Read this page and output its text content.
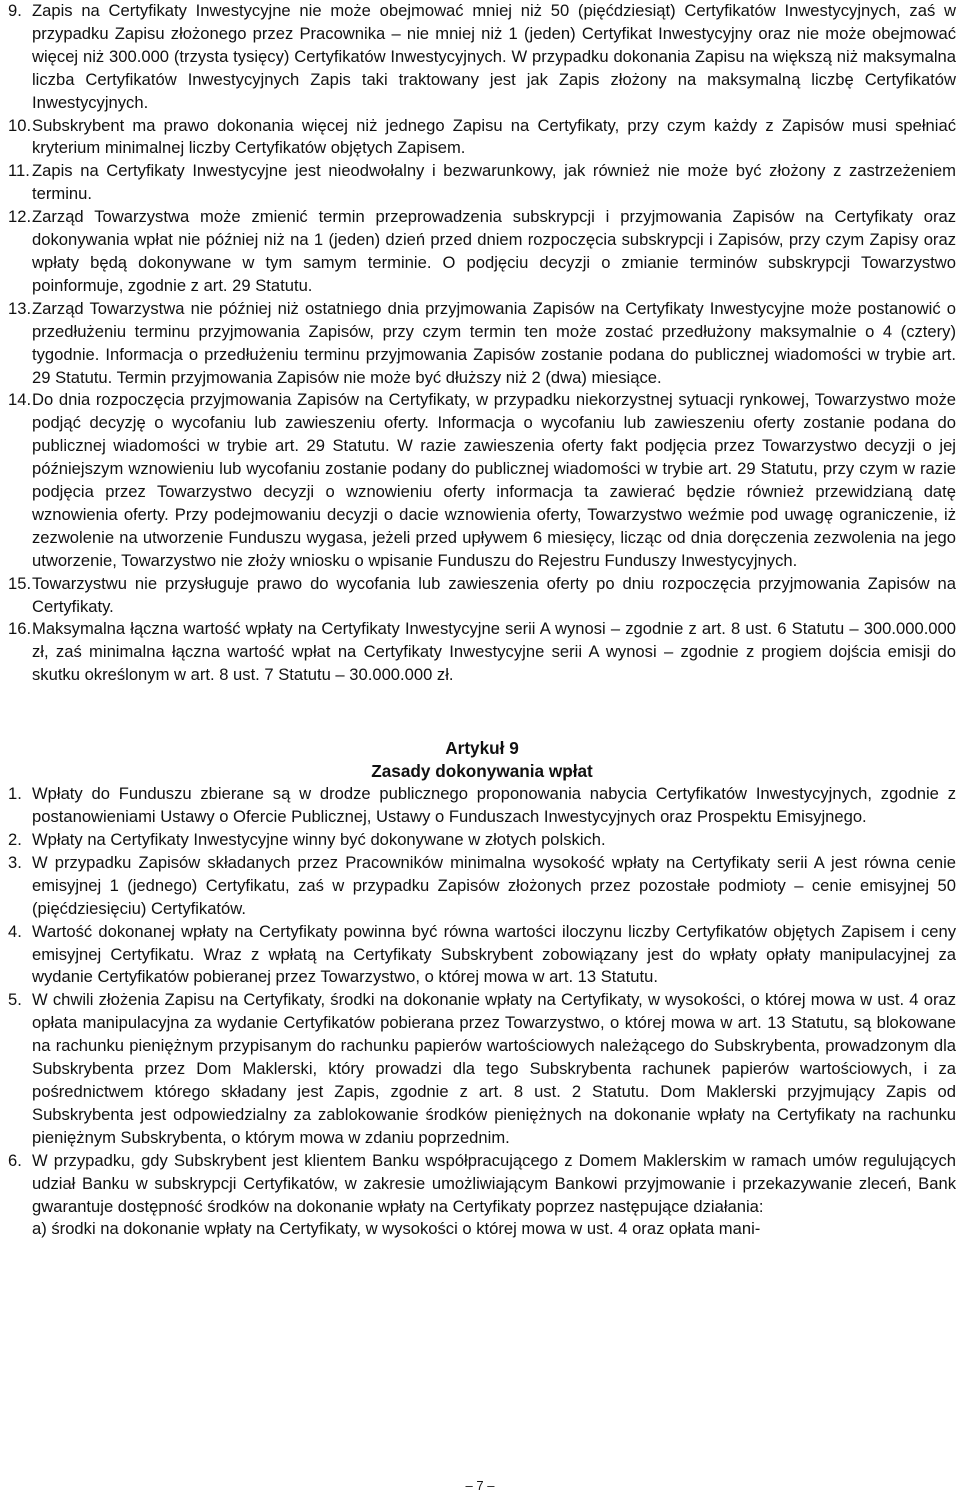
9. Zapis na Certyfikaty Inwestycyjne nie może obejmować mniej niż 50 (pięćdziesiąt) Certyfikatów Inwestycyjnych, zaś w przypadku Zapisu złożonego przez Pracownika – nie mniej niż 1 (jeden) Certyfikat Inwestycyjny oraz nie może obejmować więcej niż 300.000 (trzysta tysięcy) Certyfikatów Inwestycyjnych. W przypadku dokonania Zapisu na większą niż maksymalna liczba Certyfikatów Inwestycyjnych Zapis taki traktowany jest jak Zapis złożony na maksymalną liczbę Certyfikatów Inwestycyjnych.
10. Subskrybent ma prawo dokonania więcej niż jednego Zapisu na Certyfikaty, przy czym każdy z Zapisów musi spełniać kryterium minimalnej liczby Certyfikatów objętych Zapisem.
11. Zapis na Certyfikaty Inwestycyjne jest nieodwołalny i bezwarunkowy, jak również nie może być złożony z zastrzeżeniem terminu.
12. Zarząd Towarzystwa może zmienić termin przeprowadzenia subskrypcji i przyjmowania Zapisów na Certyfikaty oraz dokonywania wpłat nie później niż na 1 (jeden) dzień przed dniem rozpoczęcia subskrypcji i Zapisów, przy czym Zapisy oraz wpłaty będą dokonywane w tym samym terminie. O podjęciu decyzji o zmianie terminów subskrypcji Towarzystwo poinformuje, zgodnie z art. 29 Statutu.
13. Zarząd Towarzystwa nie później niż ostatniego dnia przyjmowania Zapisów na Certyfikaty Inwestycyjne może postanowić o przedłużeniu terminu przyjmowania Zapisów, przy czym termin ten może zostać przedłużony maksymalnie o 4 (cztery) tygodnie. Informacja o przedłużeniu terminu przyjmowania Zapisów zostanie podana do publicznej wiadomości w trybie art. 29 Statutu. Termin przyjmowania Zapisów nie może być dłuższy niż 2 (dwa) miesiące.
14. Do dnia rozpoczęcia przyjmowania Zapisów na Certyfikaty, w przypadku niekorzystnej sytuacji rynkowej, Towarzystwo może podjąć decyzję o wycofaniu lub zawieszeniu oferty. Informacja o wycofaniu lub zawieszeniu oferty zostanie podana do publicznej wiadomości w trybie art. 29 Statutu. W razie zawieszenia oferty fakt podjęcia przez Towarzystwo decyzji o jej późniejszym wznowieniu lub wycofaniu zostanie podany do publicznej wiadomości w trybie art. 29 Statutu, przy czym w razie podjęcia przez Towarzystwo decyzji o wznowieniu oferty informacja ta zawierać będzie również przewidzianą datę wznowienia oferty. Przy podejmowaniu decyzji o dacie wznowienia oferty, Towarzystwo weźmie pod uwagę ograniczenie, iż zezwolenie na utworzenie Funduszu wygasa, jeżeli przed upływem 6 miesięcy, licząc od dnia doręczenia zezwolenia na jego utworzenie, Towarzystwo nie złoży wniosku o wpisanie Funduszu do Rejestru Funduszy Inwestycyjnych.
15. Towarzystwu nie przysługuje prawo do wycofania lub zawieszenia oferty po dniu rozpoczęcia przyjmowania Zapisów na Certyfikaty.
16. Maksymalna łączna wartość wpłaty na Certyfikaty Inwestycyjne serii A wynosi – zgodnie z art. 8 ust. 6 Statutu – 300.000.000 zł, zaś minimalna łączna wartość wpłat na Certyfikaty Inwestycyjne serii A wynosi – zgodnie z progiem dojścia emisji do skutku określonym w art. 8 ust. 7 Statutu – 30.000.000 zł.
Artykuł 9
Zasady dokonywania wpłat
1. Wpłaty do Funduszu zbierane są w drodze publicznego proponowania nabycia Certyfikatów Inwestycyjnych, zgodnie z postanowieniami Ustawy o Ofercie Publicznej, Ustawy o Funduszach Inwestycyjnych oraz Prospektu Emisyjnego.
2. Wpłaty na Certyfikaty Inwestycyjne winny być dokonywane w złotych polskich.
3. W przypadku Zapisów składanych przez Pracowników minimalna wysokość wpłaty na Certyfikaty serii A jest równa cenie emisyjnej 1 (jednego) Certyfikatu, zaś w przypadku Zapisów złożonych przez pozostałe podmioty – cenie emisyjnej 50 (pięćdziesięciu) Certyfikatów.
4. Wartość dokonanej wpłaty na Certyfikaty powinna być równa wartości iloczynu liczby Certyfikatów objętych Zapisem i ceny emisyjnej Certyfikatu. Wraz z wpłatą na Certyfikaty Subskrybent zobowiązany jest do wpłaty opłaty manipulacyjnej za wydanie Certyfikatów pobieranej przez Towarzystwo, o której mowa w art. 13 Statutu.
5. W chwili złożenia Zapisu na Certyfikaty, środki na dokonanie wpłaty na Certyfikaty, w wysokości, o której mowa w ust. 4 oraz opłata manipulacyjna za wydanie Certyfikatów pobierana przez Towarzystwo, o której mowa w art. 13 Statutu, są blokowane na rachunku pieniężnym przypisanym do rachunku papierów wartościowych należącego do Subskrybenta, prowadzonym dla Subskrybenta przez Dom Maklerski, który prowadzi dla tego Subskrybenta rachunek papierów wartościowych, i za pośrednictwem którego składany jest Zapis, zgodnie z art. 8 ust. 2 Statutu. Dom Maklerski przyjmujący Zapis od Subskrybenta jest odpowiedzialny za zablokowanie środków pieniężnych na dokonanie wpłaty na Certyfikaty na rachunku pieniężnym Subskrybenta, o którym mowa w zdaniu poprzednim.
6. W przypadku, gdy Subskrybent jest klientem Banku współpracującego z Domem Maklerskim w ramach umów regulujących udział Banku w subskrypcji Certyfikatów, w zakresie umożliwiającym Bankowi przyjmowanie i przekazywanie zleceń, Bank gwarantuje dostępność środków na dokonanie wpłaty na Certyfikaty poprzez następujące działania:
a) środki na dokonanie wpłaty na Certyfikaty, w wysokości o której mowa w ust. 4 oraz opłata mani-
– 7 –
